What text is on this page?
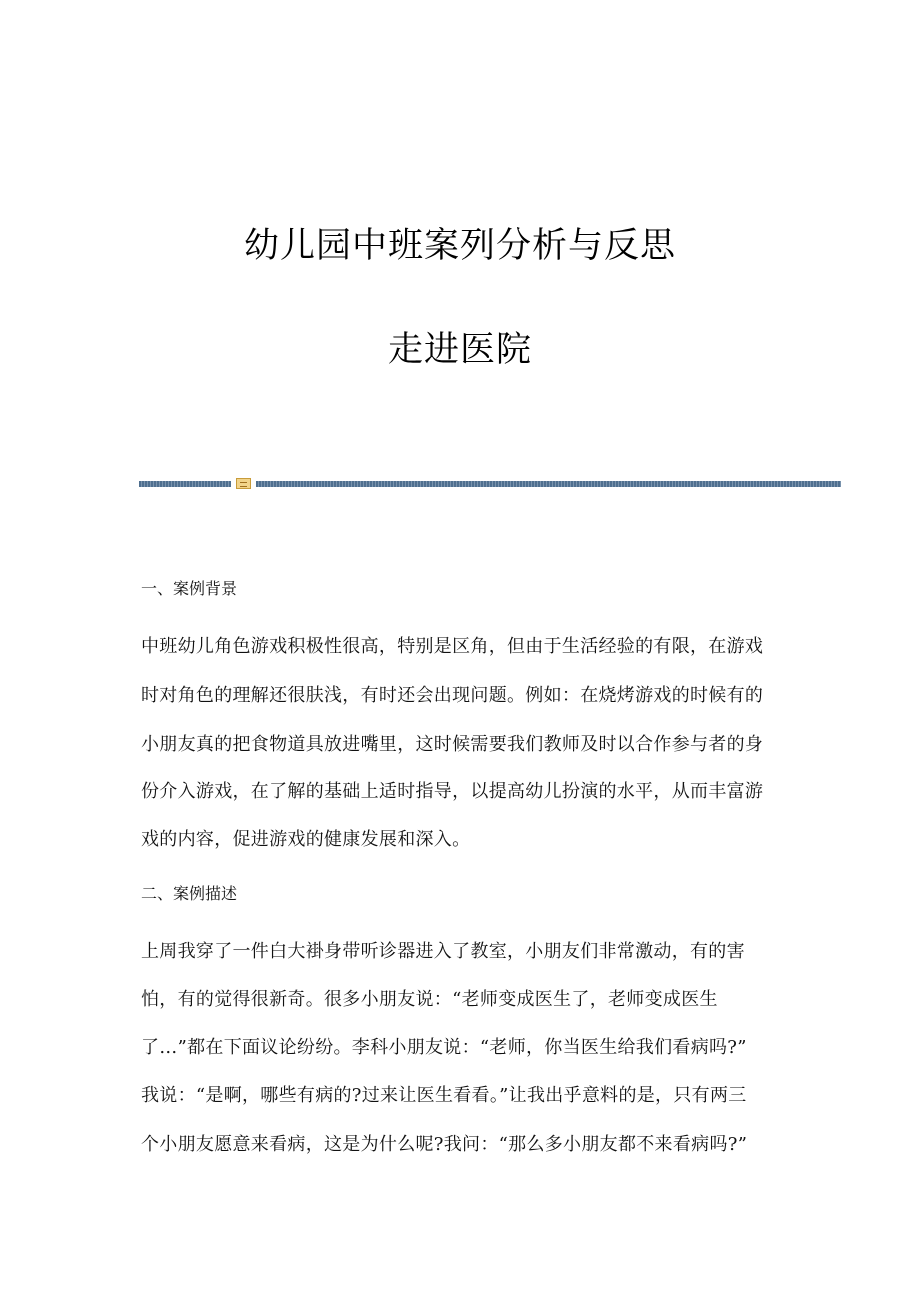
幼儿园中班案列分析与反思
走进医院
一、案例背景
中班幼儿角色游戏积极性很高，特别是区角，但由于生活经验的有限，在游戏
时对角色的理解还很肤浅，有时还会出现问题。例如：在烧烤游戏的时候有的
小朋友真的把食物道具放进嘴里，这时候需要我们教师及时以合作参与者的身
份介入游戏，在了解的基础上适时指导，以提高幼儿扮演的水平，从而丰富游
戏的内容，促进游戏的健康发展和深入。
二、案例描述
上周我穿了一件白大褂身带听诊器进入了教室，小朋友们非常激动，有的害
怕，有的觉得很新奇。很多小朋友说：“老师变成医生了，老师变成医生
了…”都在下面议论纷纷。李科小朋友说：“老师，你当医生给我们看病吗?”
我说：“是啊，哪些有病的?过来让医生看看。”让我出乎意料的是，只有两三
个小朋友愿意来看病，这是为什么呢?我问：“那么多小朋友都不来看病吗?”
